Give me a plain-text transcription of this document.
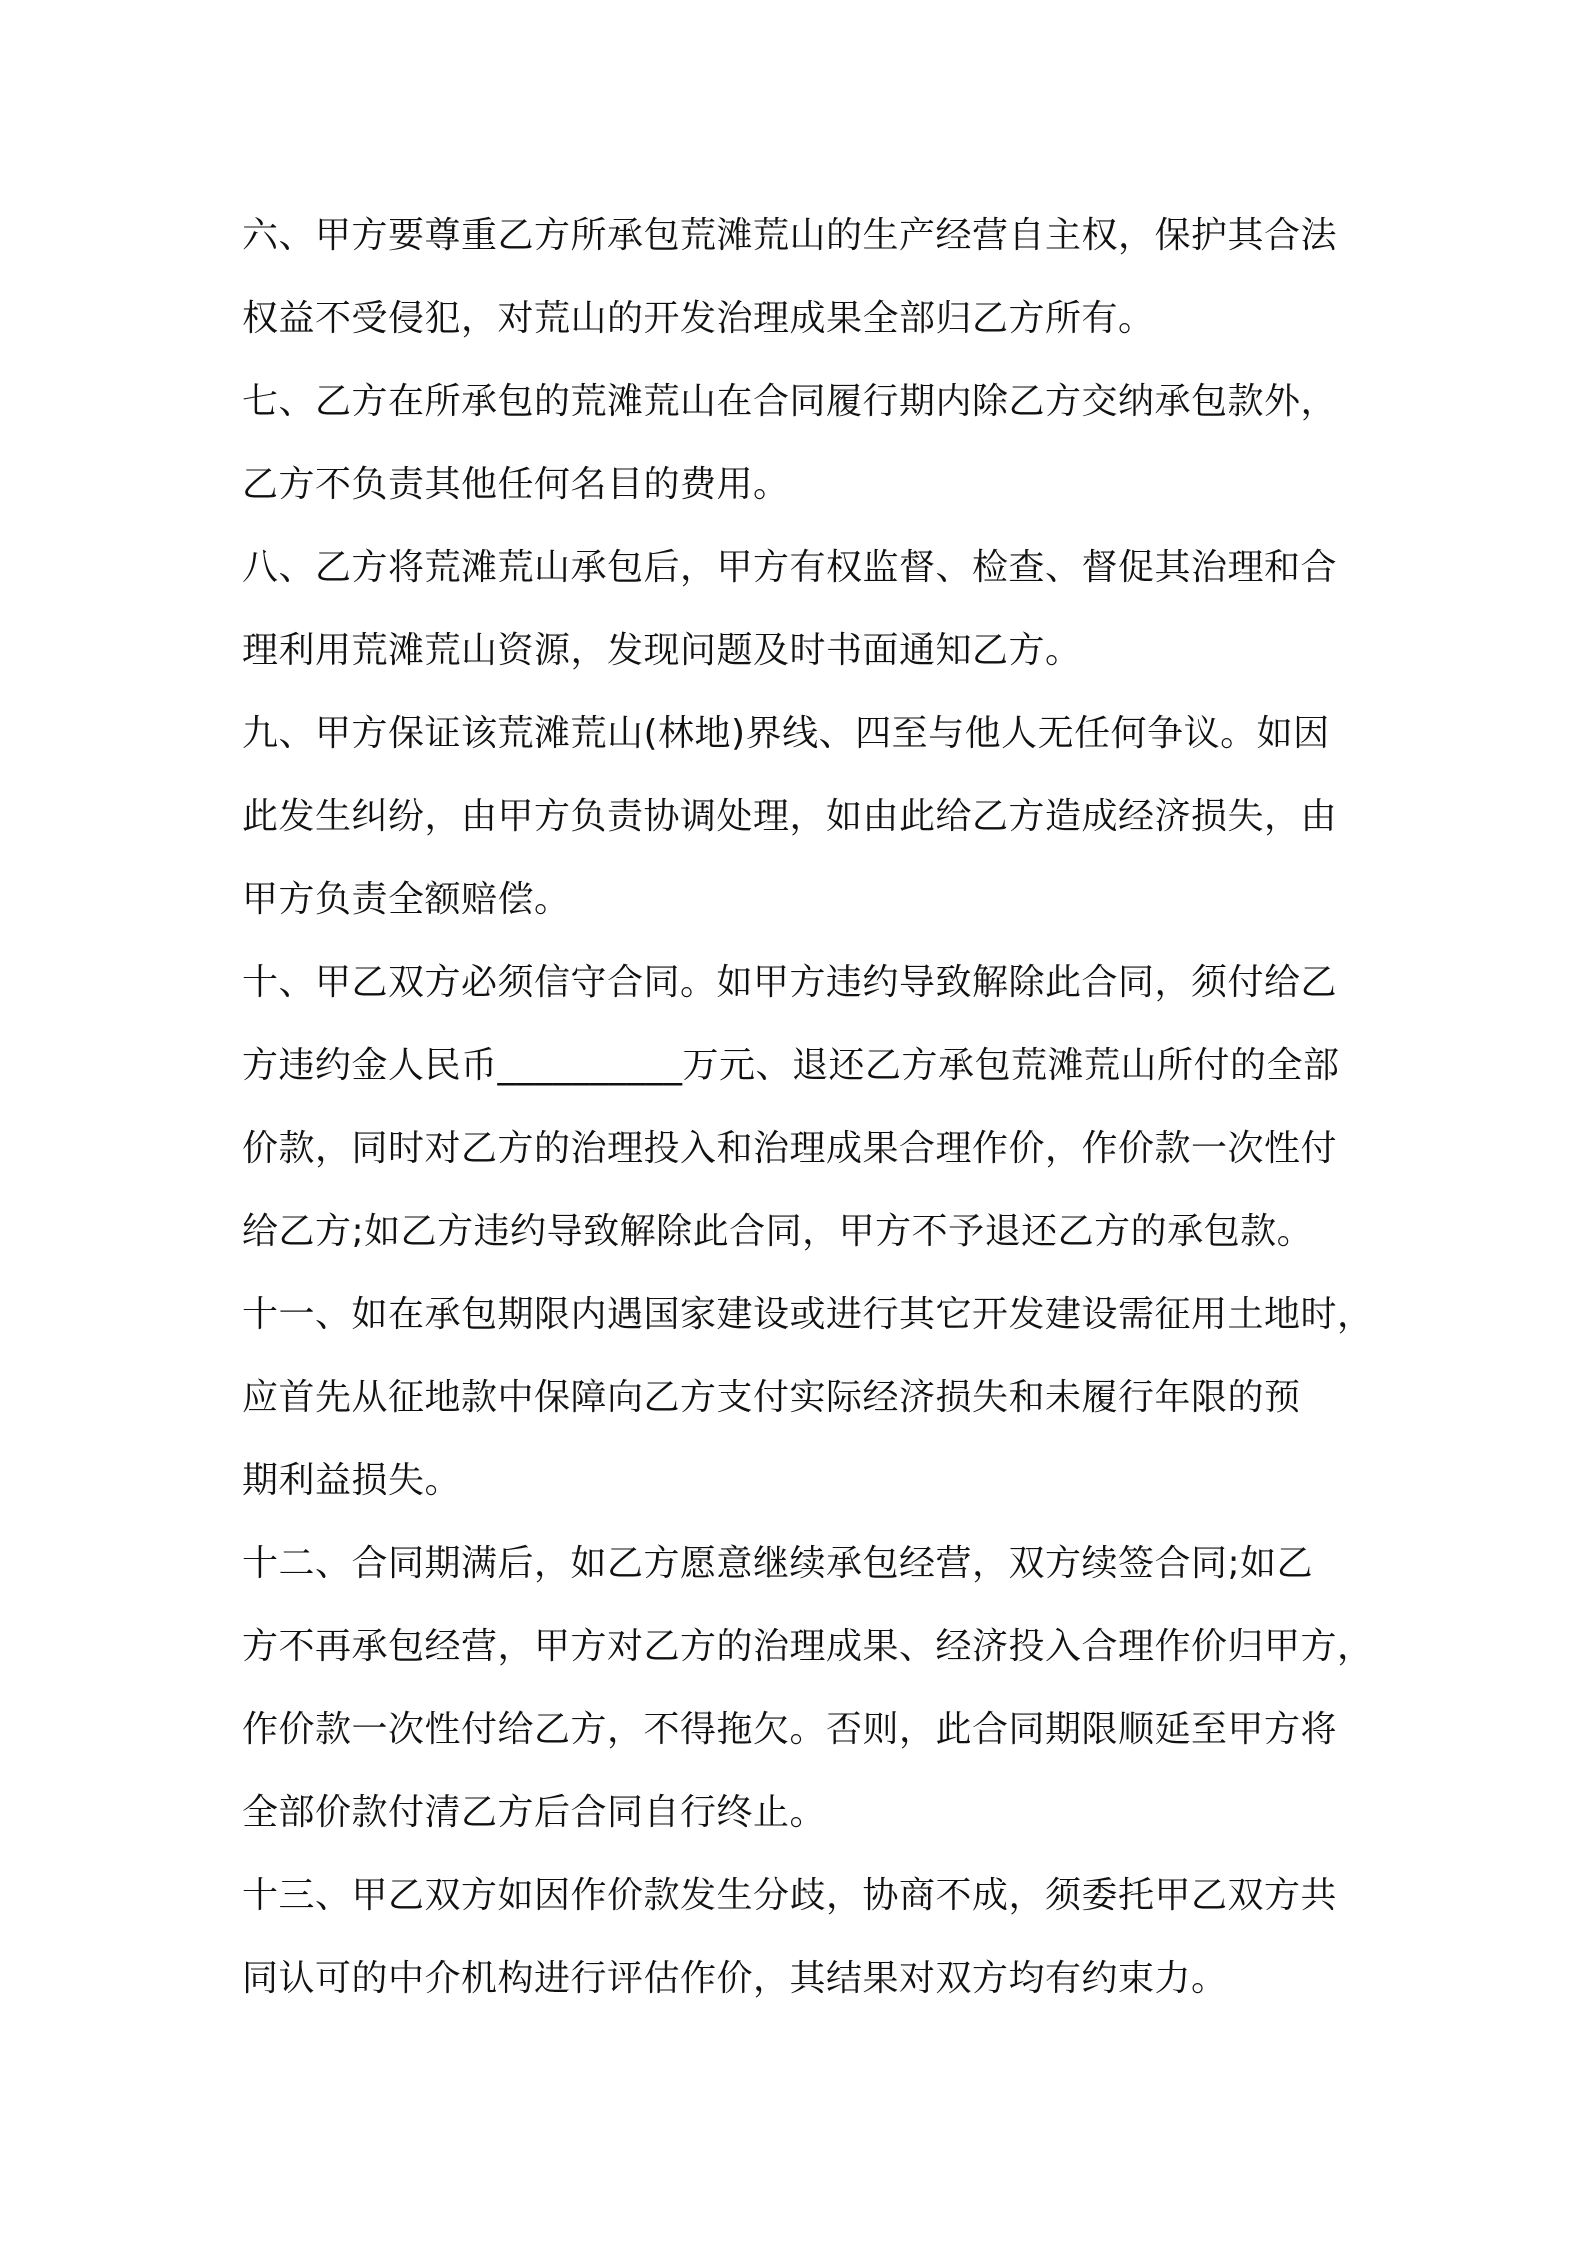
六、甲方要尊重乙方所承包荒滩荒山的生产经营自主权，保护其合法
权益不受侵犯，对荒山的开发治理成果全部归乙方所有。
七、乙方在所承包的荒滩荒山在合同履行期内除乙方交纳承包款外，
乙方不负责其他任何名目的费用。
八、乙方将荒滩荒山承包后，甲方有权监督、检查、督促其治理和合
理利用荒滩荒山资源，发现问题及时书面通知乙方。
九、甲方保证该荒滩荒山(林地)界线、四至与他人无任何争议。如因
此发生纠纷，由甲方负责协调处理，如由此给乙方造成经济损失，由
甲方负责全额赔偿。
十、甲乙双方必须信守合同。如甲方违约导致解除此合同，须付给乙
方违约金人民币__________万元、退还乙方承包荒滩荒山所付的全部
价款，同时对乙方的治理投入和治理成果合理作价，作价款一次性付
给乙方;如乙方违约导致解除此合同，甲方不予退还乙方的承包款。
十一、如在承包期限内遇国家建设或进行其它开发建设需征用土地时，
应首先从征地款中保障向乙方支付实际经济损失和未履行年限的预
期利益损失。
十二、合同期满后，如乙方愿意继续承包经营，双方续签合同;如乙
方不再承包经营，甲方对乙方的治理成果、经济投入合理作价归甲方，
作价款一次性付给乙方，不得拖欠。否则，此合同期限顺延至甲方将
全部价款付清乙方后合同自行终止。
十三、甲乙双方如因作价款发生分歧，协商不成，须委托甲乙双方共
同认可的中介机构进行评估作价，其结果对双方均有约束力。
